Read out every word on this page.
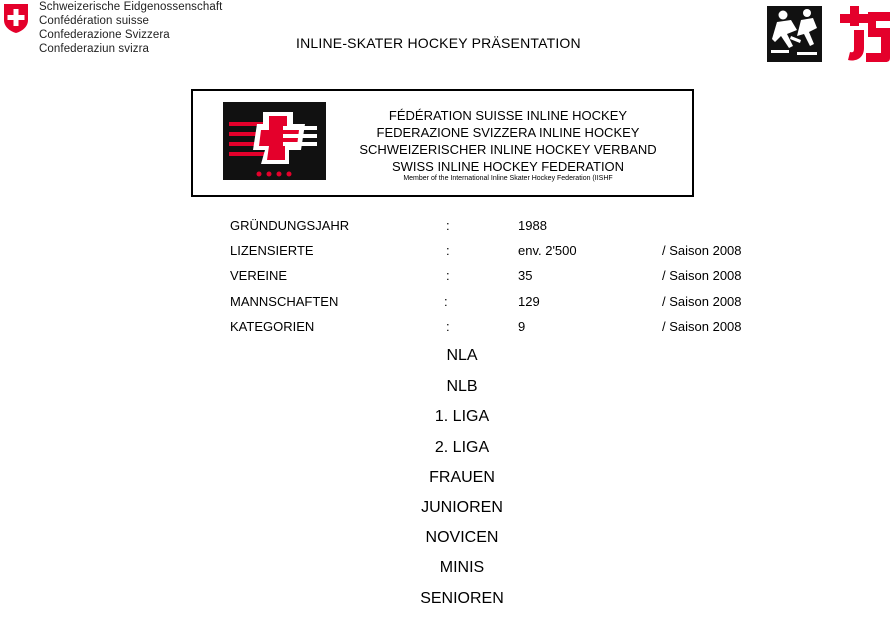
Schweizerische Eidgenossenschaft
Confédération suisse
Confederazione Svizzera
Confederaziun svizra	INLINE-SKATER HOCKEY PRÄSENTATION
FÉDÉRATION SUISSE INLINE HOCKEY
FEDERAZIONE SVIZZERA INLINE HOCKEY
SCHWEIZERISCHER INLINE HOCKEY VERBAND
SWISS INLINE HOCKEY FEDERATION
Member of the International Inline Skater Hockey Federation (IISHF
GRÜNDUNGSJAHR	:	1988
LIZENSIERTE	:	env. 2'500	/ Saison 2008
VEREINE	:	35	/ Saison 2008
MANNSCHAFTEN	:	129	/ Saison 2008
KATEGORIEN	:	9	/ Saison 2008
NLA
NLB
1. LIGA
2. LIGA
FRAUEN
JUNIOREN
NOVICEN
MINIS
SENIOREN
